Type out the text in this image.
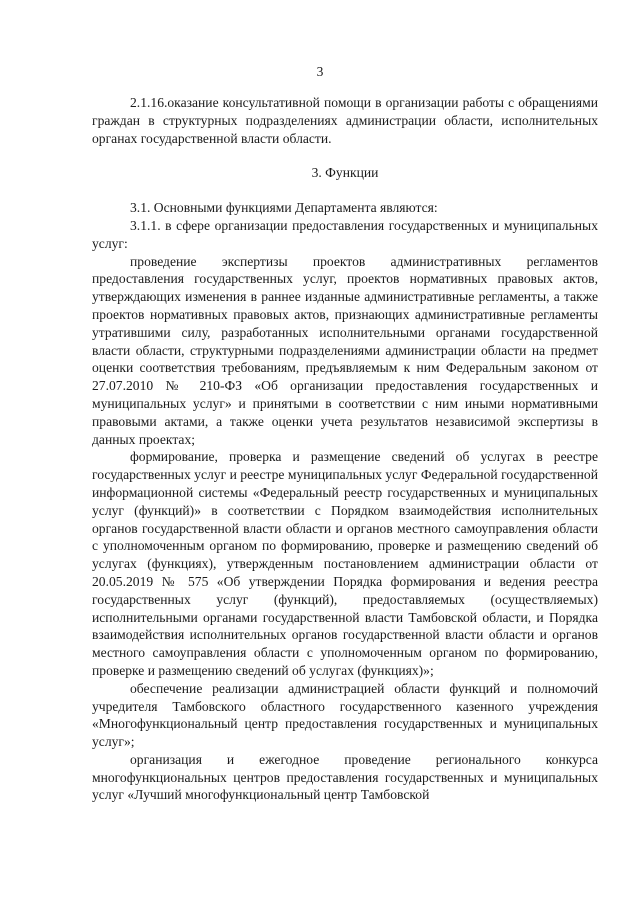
3

2.1.16.оказание консультативной помощи в организации работы с обращениями граждан в структурных подразделениях администрации области, исполнительных органах государственной власти области.

3. Функции

3.1. Основными функциями Департамента являются:

3.1.1. в сфере организации предоставления государственных и муниципальных услуг:

проведение экспертизы проектов административных регламентов предоставления государственных услуг, проектов нормативных правовых актов, утверждающих изменения в раннее изданные административные регламенты, а также проектов нормативных правовых актов, признающих административные регламенты утратившими силу, разработанных исполнительными органами государственной власти области, структурными подразделениями администрации области на предмет оценки соответствия требованиям, предъявляемым к ним Федеральным законом от 27.07.2010 № 210-ФЗ «Об организации предоставления государственных и муниципальных услуг» и принятыми в соответствии с ним иными нормативными правовыми актами, а также оценки учета результатов независимой экспертизы в данных проектах;

формирование, проверка и размещение сведений об услугах в реестре государственных услуг и реестре муниципальных услуг Федеральной государственной информационной системы «Федеральный реестр государственных и муниципальных услуг (функций)» в соответствии с Порядком взаимодействия исполнительных органов государственной власти области и органов местного самоуправления области с уполномоченным органом по формированию, проверке и размещению сведений об услугах (функциях), утвержденным постановлением администрации области от 20.05.2019 № 575 «Об утверждении Порядка формирования и ведения реестра государственных услуг (функций), предоставляемых (осуществляемых) исполнительными органами государственной власти Тамбовской области, и Порядка взаимодействия исполнительных органов государственной власти области и органов местного самоуправления области с уполномоченным органом по формированию, проверке и размещению сведений об услугах (функциях)»;

обеспечение реализации администрацией области функций и полномочий учредителя Тамбовского областного государственного казенного учреждения «Многофункциональный центр предоставления государственных и муниципальных услуг»;

организация и ежегодное проведение регионального конкурса многофункциональных центров предоставления государственных и муниципальных услуг «Лучший многофункциональный центр Тамбовской
